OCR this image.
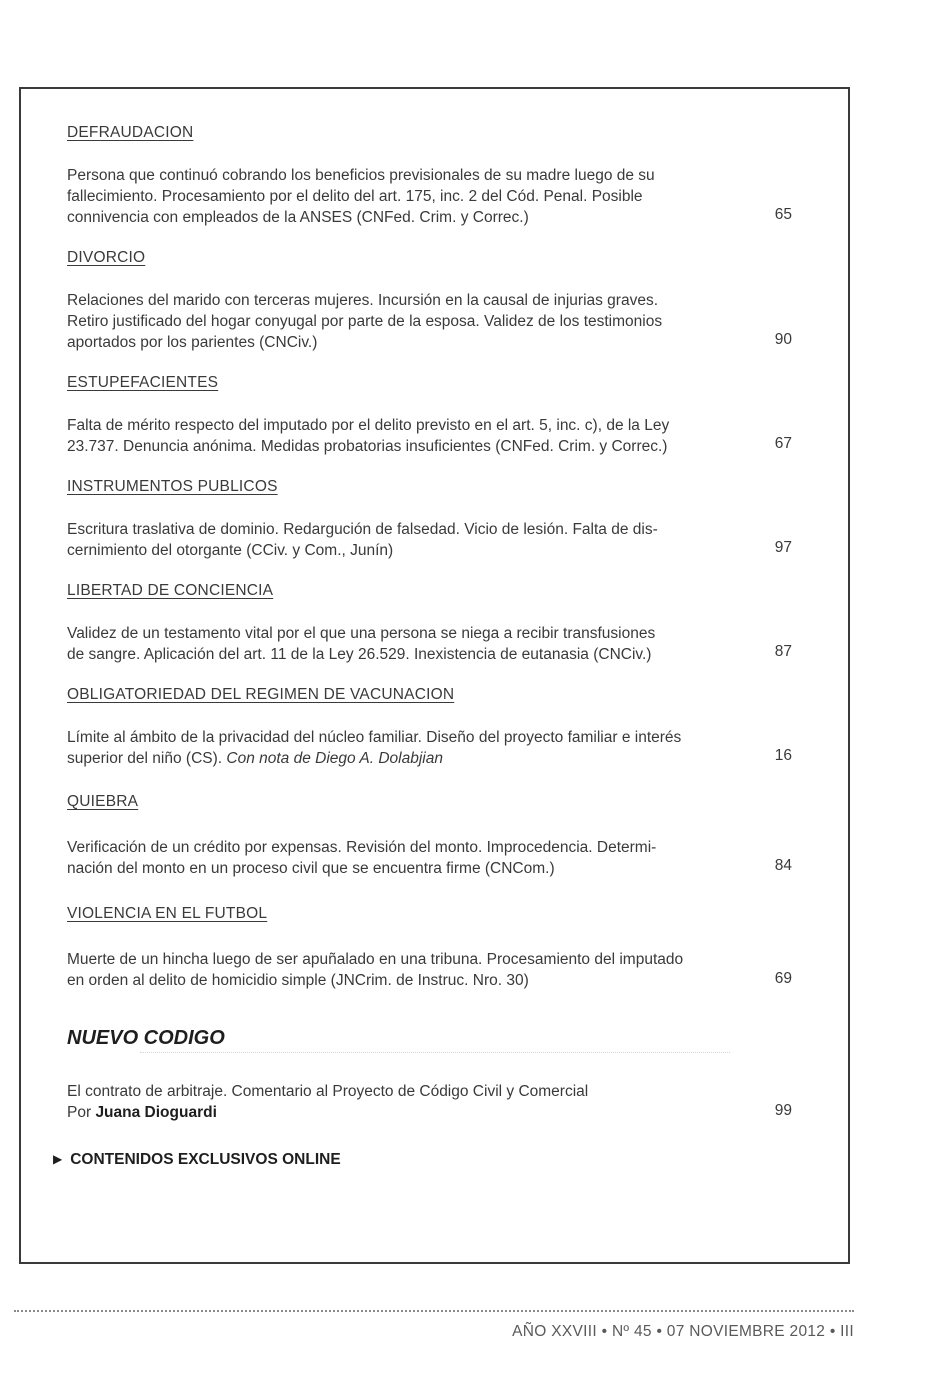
DEFRAUDACION
Persona que continuó cobrando los beneficios previsionales de su madre luego de su
fallecimiento. Procesamiento por el delito del art. 175, inc. 2 del Cód. Penal. Posible
connivencia con empleados de la ANSES (CNFed. Crim. y Correc.)	65
DIVORCIO
Relaciones del marido con terceras mujeres. Incursión en la causal de injurias graves.
Retiro justificado del hogar conyugal por parte de la esposa. Validez de los testimonios
aportados por los parientes (CNCiv.)	90
ESTUPEFACIENTES
Falta de mérito respecto del imputado por el delito previsto en el art. 5, inc. c), de la Ley
23.737. Denuncia anónima. Medidas probatorias insuficientes (CNFed. Crim. y Correc.)	67
INSTRUMENTOS PUBLICOS
Escritura traslativa de dominio. Redargución de falsedad. Vicio de lesión. Falta de dis-
cernimiento del otorgante (CCiv. y Com., Junín)	97
LIBERTAD DE CONCIENCIA
Validez de un testamento vital por el que una persona se niega a recibir transfusiones
de sangre. Aplicación del art. 11 de la Ley 26.529. Inexistencia de eutanasia (CNCiv.)	87
OBLIGATORIEDAD DEL REGIMEN DE VACUNACION
Límite al ámbito de la privacidad del núcleo familiar. Diseño del proyecto familiar e interés
superior del niño (CS). Con nota de Diego A. Dolabjian	16
QUIEBRA
Verificación de un crédito por expensas. Revisión del monto. Improcedencia. Determi-
nación del monto en un proceso civil que se encuentra firme (CNCom.)	84
VIOLENCIA EN EL FUTBOL
Muerte de un hincha luego de ser apuñalado en una tribuna. Procesamiento del imputado
en orden al delito de homicidio simple (JNCrim. de Instruc. Nro. 30)	69
NUEVO CODIGO
El contrato de arbitraje. Comentario al Proyecto de Código Civil y Comercial
Por Juana Dioguardi	99
▶ CONTENIDOS EXCLUSIVOS ONLINE
AÑO XXVIII • Nº 45 • 07 NOVIEMBRE 2012 • III
